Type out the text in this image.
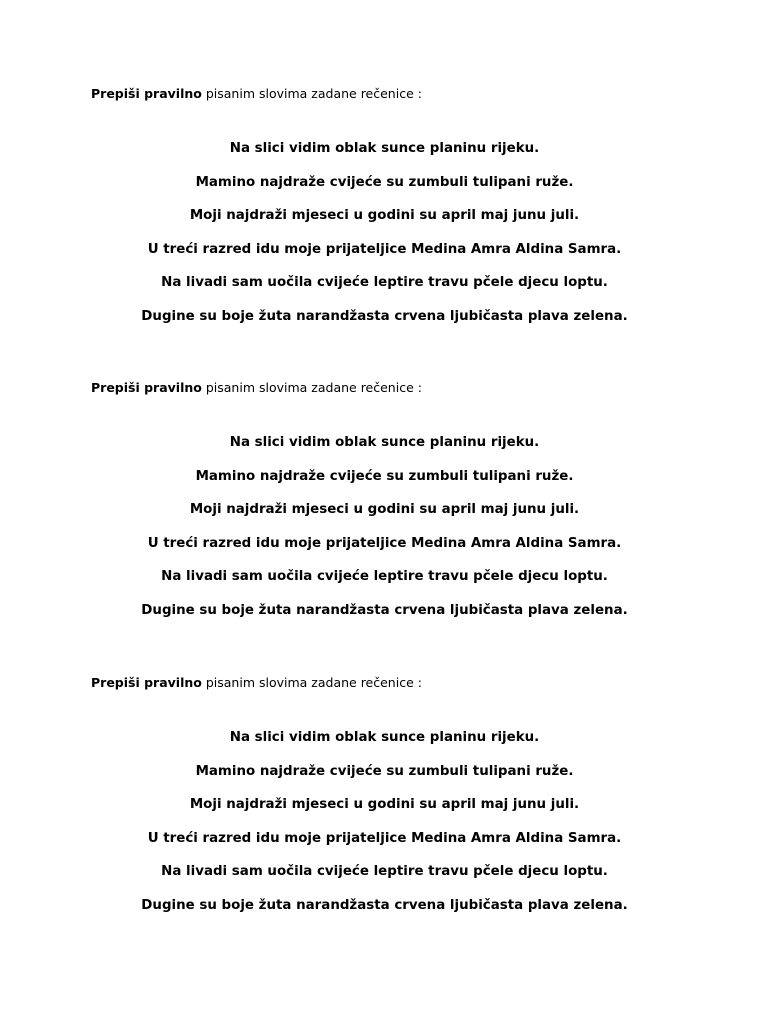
Prepiši pravilno pisanim slovima zadane rečenice :
Na slici vidim oblak sunce planinu rijeku.
Mamino najdraže cvijeće su zumbuli tulipani ruže.
Moji najdraži mjeseci u godini su april maj junu juli.
U treći razred idu moje prijateljice Medina Amra Aldina Samra.
Na livadi sam uočila cvijeće leptire travu pčele djecu loptu.
Dugine su boje žuta narandžasta crvena ljubičasta plava zelena.
Prepiši pravilno pisanim slovima zadane rečenice :
Na slici vidim oblak sunce planinu rijeku.
Mamino najdraže cvijeće su zumbuli tulipani ruže.
Moji najdraži mjeseci u godini su april maj junu juli.
U treći razred idu moje prijateljice Medina Amra Aldina Samra.
Na livadi sam uočila cvijeće leptire travu pčele djecu loptu.
Dugine su boje žuta narandžasta crvena ljubičasta plava zelena.
Prepiši pravilno pisanim slovima zadane rečenice :
Na slici vidim oblak sunce planinu rijeku.
Mamino najdraže cvijeće su zumbuli tulipani ruže.
Moji najdraži mjeseci u godini su april maj junu juli.
U treći razred idu moje prijateljice Medina Amra Aldina Samra.
Na livadi sam uočila cvijeće leptire travu pčele djecu loptu.
Dugine su boje žuta narandžasta crvena ljubičasta plava zelena.
